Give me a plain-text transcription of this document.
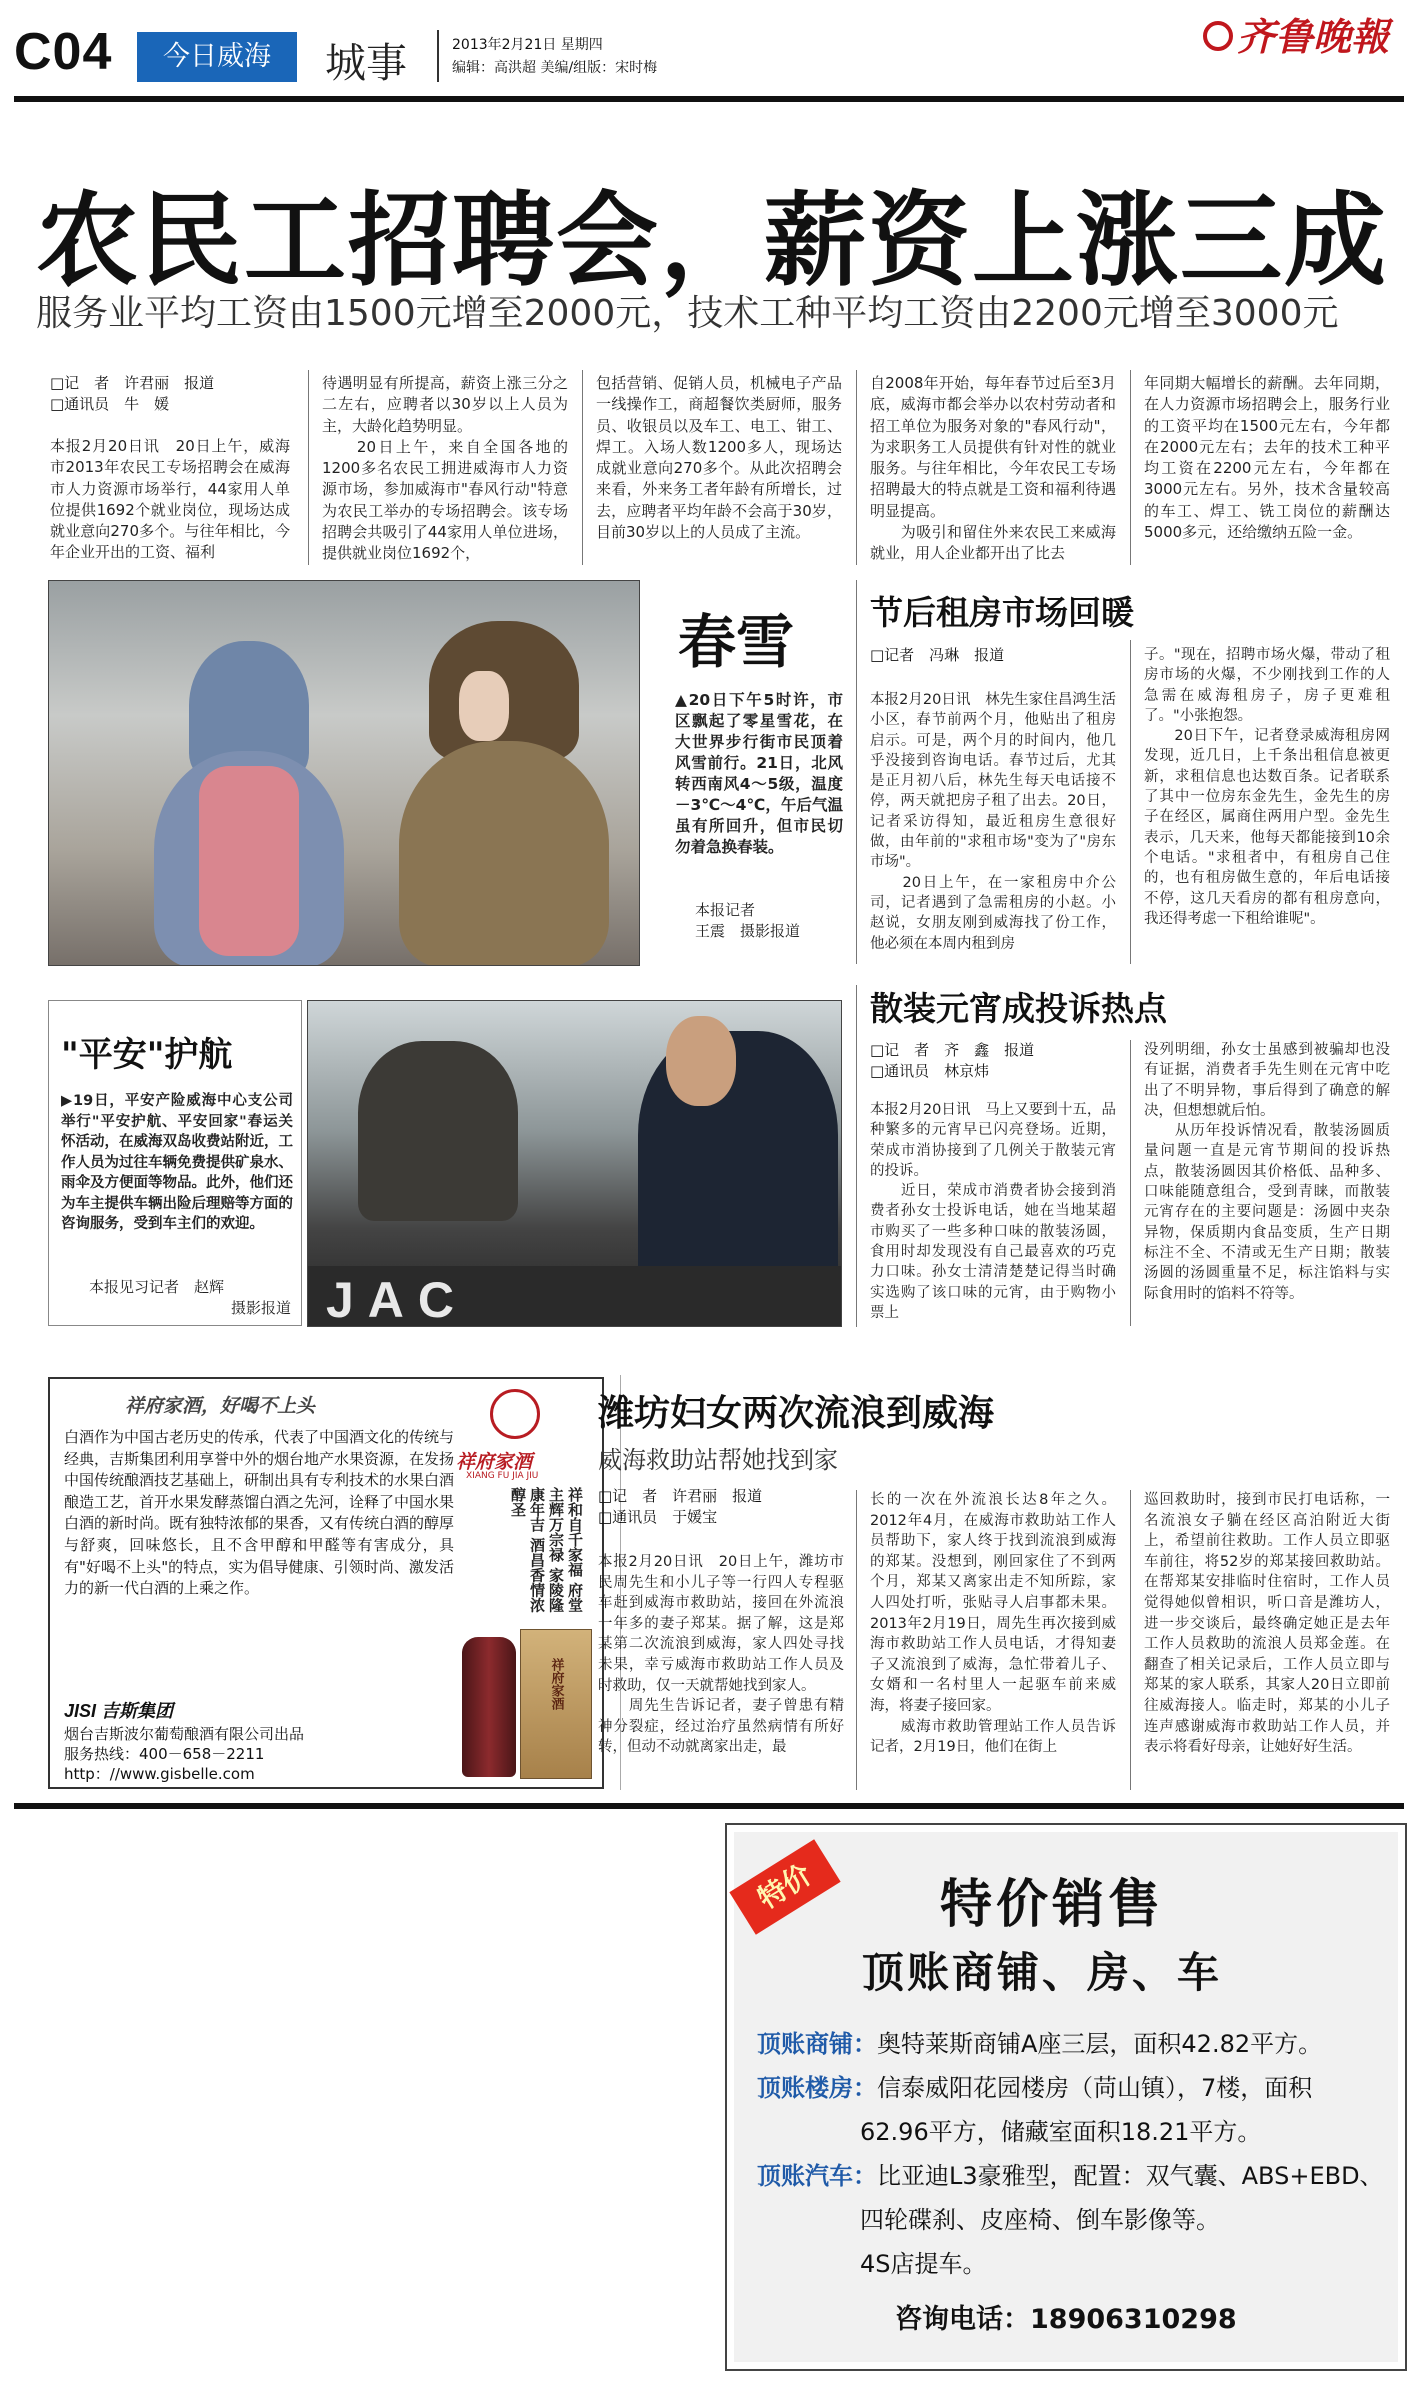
C04	今日威海	城事	2013年2月21日 星期四
编辑：高洪超 美编/组版：宋时梅
齐鲁晚報
农民工招聘会，薪资上涨三成
服务业平均工资由1500元增至2000元，技术工种平均工资由2200元增至3000元
□记　者　许君丽　报道
□通讯员　牛　媛
本报2月20日讯　20日上午，威海市2013年农民工专场招聘会在威海市人力资源市场举行，44家用人单位提供1692个就业岗位，现场达成就业意向270多个。与往年相比，今年企业开出的工资、福利
待遇明显有所提高，薪资上涨三分之二左右，应聘者以30岁以上人员为主，大龄化趋势明显。
　　20日上午，来自全国各地的1200多名农民工拥进威海市人力资源市场，参加威海市"春风行动"特意为农民工举办的专场招聘会。该专场招聘会共吸引了44家用人单位进场，提供就业岗位1692个，
包括营销、促销人员，机械电子产品一线操作工，商超餐饮类厨师，服务员、收银员以及车工、电工、钳工、焊工。入场人数1200多人，现场达成就业意向270多个。从此次招聘会来看，外来务工者年龄有所增长，过去，应聘者平均年龄不会高于30岁，目前30岁以上的人员成了主流。
自2008年开始，每年春节过后至3月底，威海市都会举办以农村劳动者和招工单位为服务对象的"春风行动"，为求职务工人员提供有针对性的就业服务。与往年相比，今年农民工专场招聘最大的特点就是工资和福利待遇明显提高。
　　为吸引和留住外来农民工来威海就业，用人企业都开出了比去
年同期大幅增长的薪酬。去年同期，在人力资源市场招聘会上，服务行业的工资平均在1500元左右，今年都在2000元左右；去年的技术工种平均工资在2200元左右，今年都在3000元左右。另外，技术含量较高的车工、焊工、铣工岗位的薪酬达5000多元，还给缴纳五险一金。
春雪
▲20日下午5时许，市区飘起了零星雪花，在大世界步行街市民顶着风雪前行。21日，北风转西南风4～5级，温度－3℃～4℃，午后气温虽有所回升，但市民切勿着急换春装。
本报记者
王震　摄影报道
节后租房市场回暖
□记者　冯琳　报道
本报2月20日讯　林先生家住昌鸿生活小区，春节前两个月，他贴出了租房启示。可是，两个月的时间内，他几乎没接到咨询电话。春节过后，尤其是正月初八后，林先生每天电话接不停，两天就把房子租了出去。20日，记者采访得知，最近租房生意很好做，由年前的"求租市场"变为了"房东市场"。
　　20日上午，在一家租房中介公司，记者遇到了急需租房的小赵。小赵说，女朋友刚到威海找了份工作，他必须在本周内租到房
子。"现在，招聘市场火爆，带动了租房市场的火爆，不少刚找到工作的人急需在威海租房子，房子更难租了。"小张抱怨。
　　20日下午，记者登录威海租房网发现，近几日，上千条出租信息被更新，求租信息也达数百条。记者联系了其中一位房东金先生，金先生的房子在经区，属商住两用户型。金先生表示，几天来，他每天都能接到10余个电话。"求租者中，有租房自己住的，也有租房做生意的，年后电话接不停，这几天看房的都有租房意向，我还得考虑一下租给谁呢"。
"平安"护航
▶19日，平安产险威海中心支公司举行"平安护航、平安回家"春运关怀活动，在威海双岛收费站附近，工作人员为过往车辆免费提供矿泉水、雨伞及方便面等物品。此外，他们还为车主提供车辆出险后理赔等方面的咨询服务，受到车主们的欢迎。
本报见习记者　赵辉
摄影报道 JAC
散装元宵成投诉热点
□记　者　齐　鑫　报道
□通讯员　林京炜
本报2月20日讯　马上又要到十五，品种繁多的元宵早已闪亮登场。近期，荣成市消协接到了几例关于散装元宵的投诉。
　　近日，荣成市消费者协会接到消费者孙女士投诉电话，她在当地某超市购买了一些多种口味的散装汤圆，食用时却发现没有自己最喜欢的巧克力口味。孙女士清清楚楚记得当时确实选购了该口味的元宵，由于购物小票上
没列明细，孙女士虽感到被骗却也没有证据，消费者手先生则在元宵中吃出了不明异物，事后得到了确意的解决，但想想就后怕。
　　从历年投诉情况看，散装汤圆质量问题一直是元宵节期间的投诉热点，散装汤圆因其价格低、品种多、口味能随意组合，受到青睐，而散装元宵存在的主要问题是：汤圆中夹杂异物，保质期内食品变质，生产日期标注不全、不清或无生产日期；散装汤圆的汤圆重量不足，标注馅料与实际食用时的馅料不符等。
祥府家酒，好喝不上头
白酒作为中国古老历史的传承，代表了中国酒文化的传统与经典，吉斯集团利用享誉中外的烟台地产水果资源，在发扬中国传统酿酒技艺基础上，研制出具有专利技术的水果白酒酿造工艺，首开水果发酵蒸馏白酒之先河，诠释了中国水果白酒的新时尚。既有独特浓郁的果香，又有传统白酒的醇厚与舒爽，回味悠长，且不含甲醇和甲醛等有害成分，具有"好喝不上头"的特点，实为倡导健康、引领时尚、激发活力的新一代白酒的上乘之作。
祥府家酒
XIANG FU JIA JIU
祥和自千家福 府堂主辉万宗禄 家陵隆康年吉 酒昌香情浓醇圣
祥府家酒
JISI 吉斯集团
烟台吉斯波尔葡萄酿酒有限公司出品
服务热线：400－658－2211
http：//www.gisbelle.com
潍坊妇女两次流浪到威海
威海救助站帮她找到家
□记　者　许君丽　报道
□通讯员　于媛宝
本报2月20日讯　20日上午，潍坊市民周先生和小儿子等一行四人专程驱车赶到威海市救助站，接回在外流浪一年多的妻子郑某。据了解，这是郑某第二次流浪到威海，家人四处寻找未果，幸亏威海市救助站工作人员及时救助，仅一天就帮她找到家人。
　　周先生告诉记者，妻子曾患有精神分裂症，经过治疗虽然病情有所好转，但动不动就离家出走，最
长的一次在外流浪长达8年之久。2012年4月，在威海市救助站工作人员帮助下，家人终于找到流浪到威海的郑某。没想到，刚回家住了不到两个月，郑某又离家出走不知所踪，家人四处打听，张贴寻人启事都未果。2013年2月19日，周先生再次接到威海市救助站工作人员电话，才得知妻子又流浪到了威海，急忙带着儿子、女婿和一名村里人一起驱车前来威海，将妻子接回家。
　　威海市救助管理站工作人员告诉记者，2月19日，他们在街上
巡回救助时，接到市民打电话称，一名流浪女子躺在经区高泊附近大街上，希望前往救助。工作人员立即驱车前往，将52岁的郑某接回救助站。在帮郑某安排临时住宿时，工作人员觉得她似曾相识，听口音是潍坊人，进一步交谈后，最终确定她正是去年工作人员救助的流浪人员郑金莲。在翻查了相关记录后，工作人员立即与郑某的家人联系，其家人20日立即前往威海接人。临走时，郑某的小儿子连声感谢威海市救助站工作人员，并表示将看好母亲，让她好好生活。
特价	特价销售
顶账商铺、房、车
顶账商铺：奥特莱斯商铺A座三层，面积42.82平方。
顶账楼房：信泰威阳花园楼房（苘山镇），7楼，面积
62.96平方，储藏室面积18.21平方。
顶账汽车：比亚迪L3豪雅型，配置：双气囊、ABS+EBD、
四轮碟刹、皮座椅、倒车影像等。
4S店提车。
咨询电话：18906310298
